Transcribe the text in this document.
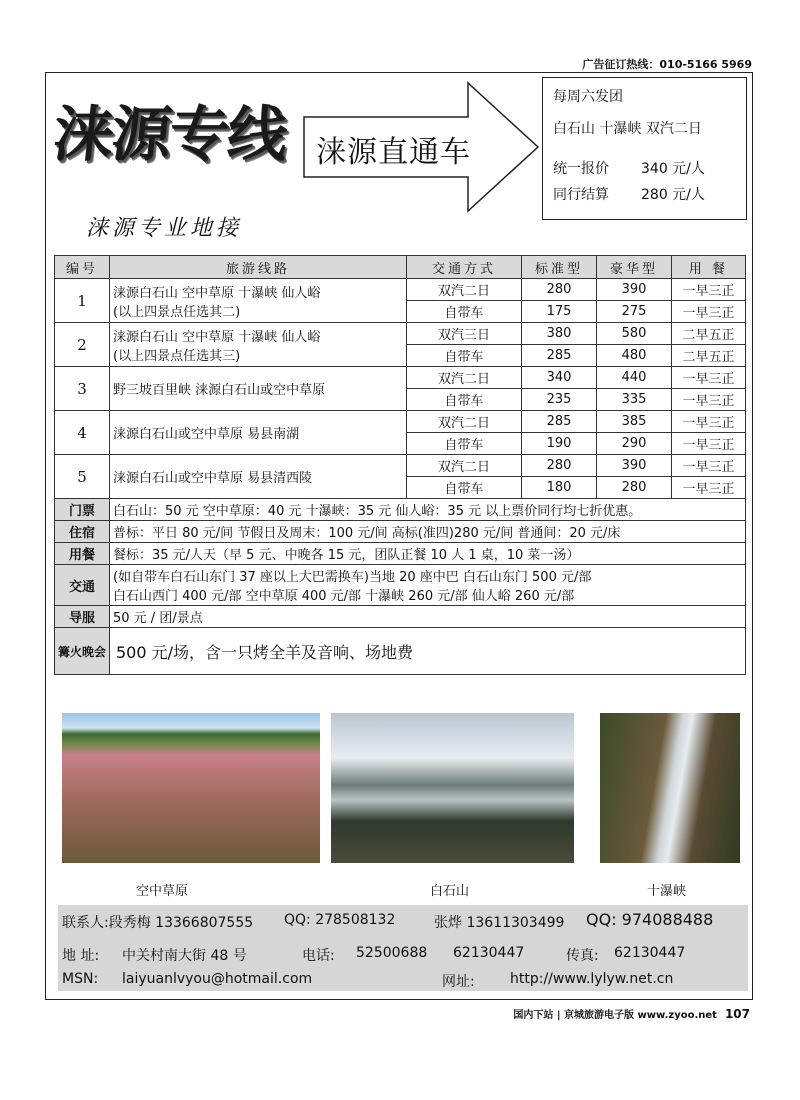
广告征订热线：010-5166 5969
涞源专线 涞源直通车
涞源专业地接
每周六发团
白石山 十瀑峡 双汽二日
统一报价	340 元/人
同行结算	280 元/人
编号	旅游线路	交通方式	标准型	豪华型	用 餐
1	涞源白石山 空中草原 十瀑峡 仙人峪
(以上四景点任选其二)	双汽二日	280	390	一早三正
		自带车	175	275	一早三正
2	涞源白石山 空中草原 十瀑峡 仙人峪
(以上四景点任选其三)	双汽三日	380	580	二早五正
		自带车	285	480	二早五正
3	野三坡百里峡 涞源白石山或空中草原	双汽二日	340	440	一早三正
		自带车	235	335	一早三正
4	涞源白石山或空中草原 易县南湖	双汽二日	285	385	一早三正
		自带车	190	290	一早三正
5	涞源白石山或空中草原 易县清西陵	双汽二日	280	390	一早三正
		自带车	180	280	一早三正
门票	白石山：50 元 空中草原：40 元 十瀑峡：35 元 仙人峪：35 元 以上票价同行均七折优惠。				

住宿	普标：平日 80 元/间 节假日及周末：100 元/间 高标(准四)280 元/间 普通间：20 元/床				

用餐	餐标：35 元/人天（早 5 元、中晚各 15 元，团队正餐 10 人 1 桌，10 菜一汤）				

交通	(如自带车白石山东门 37 座以上大巴需换车)当地 20 座中巴 白石山东门 500 元/部
白石山西门 400 元/部 空中草原 400 元/部 十瀑峡 260 元/部 仙人峪 260 元/部				

导服	50 元 / 团/景点				

篝火晚会	500 元/场，含一只烤全羊及音响、场地费				
空中草原	白石山	十瀑峡
联系人:段秀梅 13366807555 QQ: 278508132	张烨 13611303499 QQ: 974088488
地 址: 中关村南大街 48 号	电话: 52500688 62130447	传真: 62130447
MSN: laiyuanlvyou@hotmail.com	网址:	http://www.lylyw.net.cn
国内下站 | 京城旅游电子版 www.zyoo.net 107
